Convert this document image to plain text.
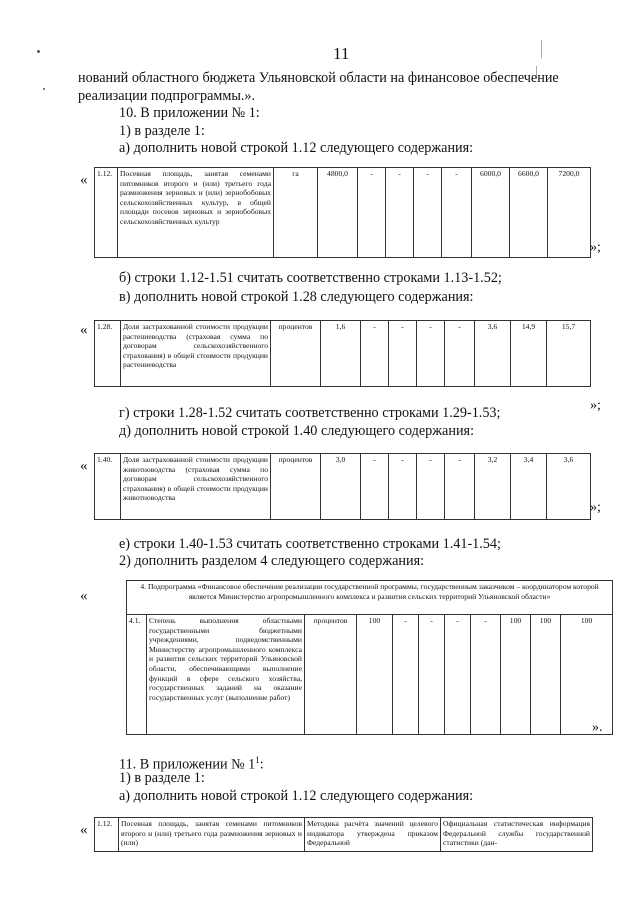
11
нований областного бюджета Ульяновской области на финансовое обеспечение
реализации подпрограммы.».
10. В приложении № 1:
1) в разделе 1:
а) дополнить новой строкой 1.12 следующего содержания:
« 1.12.	Посевная площадь, занятая семенами питомников второго и (или) третьего года размножения зерновых и (или) зернобобовых сельскохозяйственных культур, в общей площади посевов зерновых и зернобобовых сельскохозяйственных культур	га	4800,0	-	-	-	-	6000,0	6600,0	7200,0
»;
б) строки 1.12-1.51 считать соответственно строками 1.13-1.52;
в) дополнить новой строкой 1.28 следующего содержания:
« 1.28.	Доля застрахованной стоимости продукции растениеводства (страховая сумма по договорам сельскохозяйственного страхования) в общей стоимости продукции растениеводства	процентов	1,6	-	-	-	-	3,6	14,9	15,7
»;
г) строки 1.28-1.52 считать соответственно строками 1.29-1.53;
д) дополнить новой строкой 1.40 следующего содержания:
« 1.40.	Доля застрахованной стоимости продукции животноводства (страховая сумма по договорам сельскохозяйственного страхования) в общей стоимости продукции животноводства	процентов	3,0	-	-	-	-	3,2	3,4	3,6
»;
е) строки 1.40-1.53 считать соответственно строками 1.41-1.54;
2) дополнить разделом 4 следующего содержания:
«
4. Подпрограмма «Финансовое обеспечение реализации государственной программы, государственным заказчиком – координатором которой является Министерство агропромышленного комплекса и развития сельских территорий Ульяновской области»
4.1.	Степень выполнения областными государственными бюджетными учреждениями, подведомственными Министерству агропромышленного комплекса и развития сельских территорий Ульяновской области, обеспечивающими выполнение функций в сфере сельского хозяйства, государственных заданий на оказание государственных услуг (выполнение работ)	процентов	100	-	-	-	-	100	100	100
».
11. В приложении № $1^1$:
1) в разделе 1:
а) дополнить новой строкой 1.12 следующего содержания:
« 1.12.	Посевная площадь, занятая семенами питомников второго и (или) третьего года размножения зерновых и (или)	Методика расчёта значений целевого индикатора утверждена приказом Федеральной	Официальная статистическая информация Федеральной службы государственной статистики (дан-
